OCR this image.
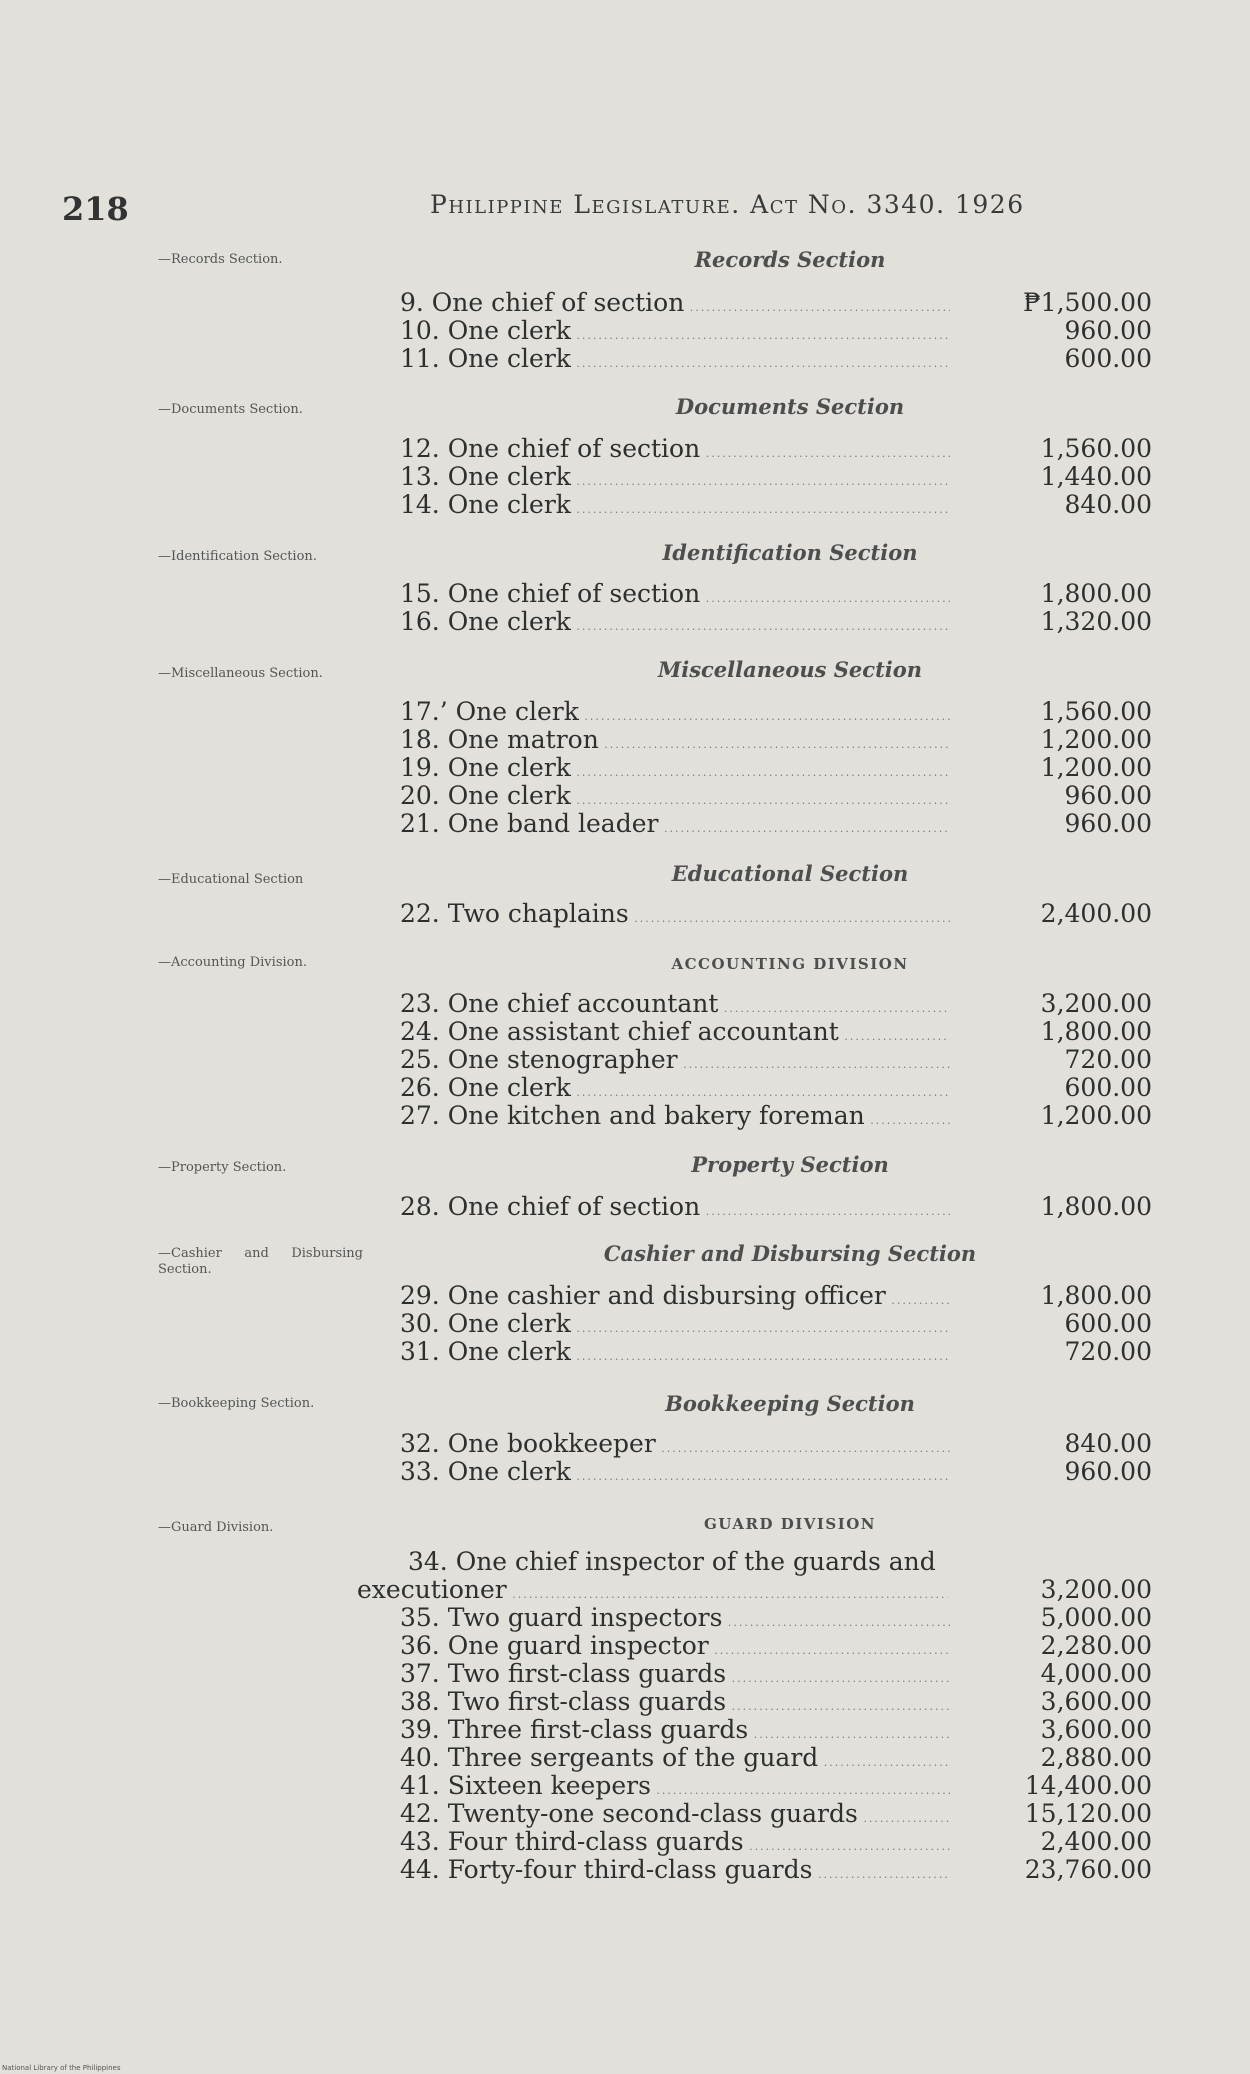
218	Philippine Legislature. Act No. 3340. 1926
—Records Section.	Records Section
9. One chief of section .....	₱1,500.00
10. One clerk .....	960.00
11. One clerk .....	600.00
—Documents Section.	Documents Section
12. One chief of section .....	1,560.00
13. One clerk .....	1,440.00
14. One clerk .....	840.00
—Identification Section.	Identification Section
15. One chief of section .....	1,800.00
16. One clerk .....	1,320.00
—Miscellaneous Section.	Miscellaneous Section
17.’ One clerk .....	1,560.00
18. One matron .....	1,200.00
19. One clerk .....	1,200.00
20. One clerk .....	960.00
21. One band leader .....	960.00
—Educational Section	Educational Section
22. Two chaplains .....	2,400.00
—Accounting Division.	ACCOUNTING DIVISION
23. One chief accountant .....	3,200.00
24. One assistant chief accountant .....	1,800.00
25. One stenographer .....	720.00
26. One clerk .....	600.00
27. One kitchen and bakery foreman .....	1,200.00
—Property Section.	Property Section
28. One chief of section .....	1,800.00
—Cashier and Disbursing Section.
Cashier and Disbursing Section
29. One cashier and disbursing officer .....	1,800.00
30. One clerk .....	600.00
31. One clerk .....	720.00
—Bookkeeping Section.	Bookkeeping Section
32. One bookkeeper .....	840.00
33. One clerk .....	960.00
—Guard Division.	GUARD DIVISION
34. One chief inspector of the guards and
executioner .....	3,200.00
35. Two guard inspectors .....	5,000.00
36. One guard inspector .....	2,280.00
37. Two first-class guards .....	4,000.00
38. Two first-class guards .....	3,600.00
39. Three first-class guards .....	3,600.00
40. Three sergeants of the guard .....	2,880.00
41. Sixteen keepers .....	14,400.00
42. Twenty-one second-class guards .....	15,120.00
43. Four third-class guards .....	2,400.00
44. Forty-four third-class guards .....	23,760.00
National Library of the Philippines
